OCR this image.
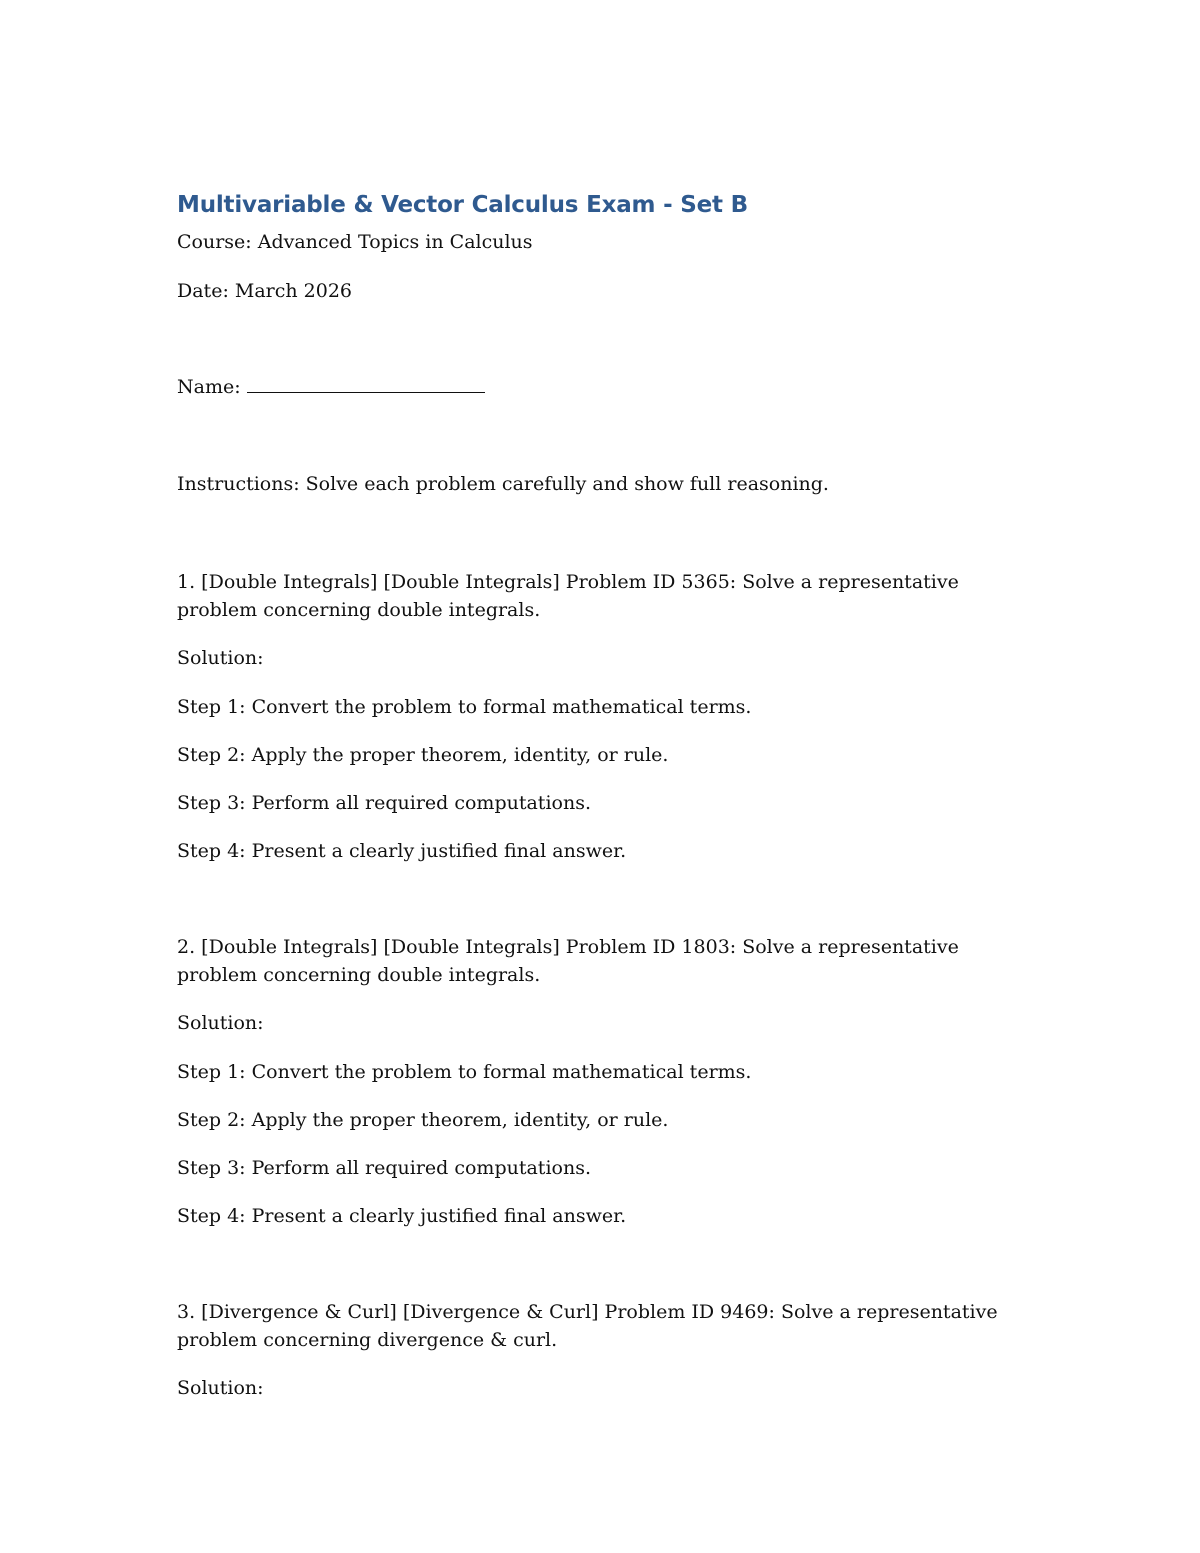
Multivariable & Vector Calculus Exam - Set B

Course: Advanced Topics in Calculus

Date: March 2026

Name:

Instructions: Solve each problem carefully and show full reasoning.

1. [Double Integrals] [Double Integrals] Problem ID 5365: Solve a representative problem concerning double integrals.

Solution:

Step 1: Convert the problem to formal mathematical terms.

Step 2: Apply the proper theorem, identity, or rule.

Step 3: Perform all required computations.

Step 4: Present a clearly justified final answer.

2. [Double Integrals] [Double Integrals] Problem ID 1803: Solve a representative problem concerning double integrals.

Solution:

Step 1: Convert the problem to formal mathematical terms.

Step 2: Apply the proper theorem, identity, or rule.

Step 3: Perform all required computations.

Step 4: Present a clearly justified final answer.

3. [Divergence & Curl] [Divergence & Curl] Problem ID 9469: Solve a representative problem concerning divergence & curl.

Solution:
